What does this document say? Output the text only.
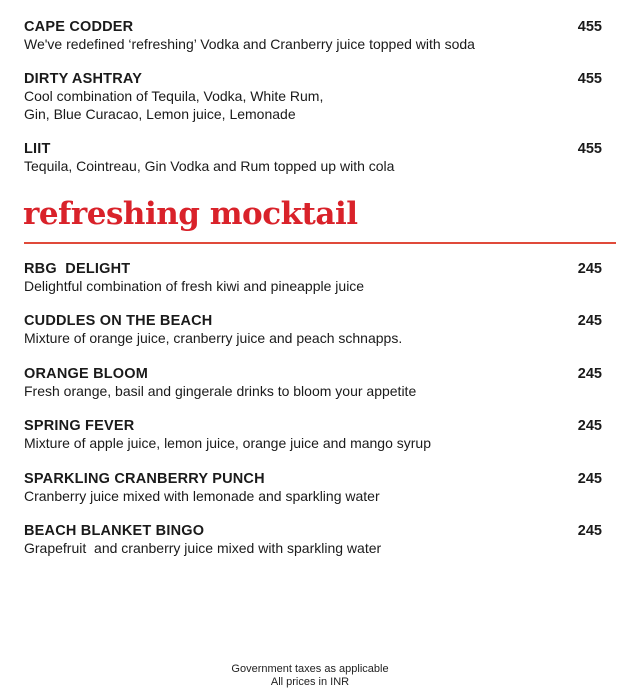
CAPE CODDER	455
We've redefined ‘refreshing’ Vodka and Cranberry juice topped with soda
DIRTY ASHTRAY	455
Cool combination of Tequila, Vodka, White Rum,
Gin, Blue Curacao, Lemon juice, Lemonade
LIIT	455
Tequila, Cointreau, Gin Vodka and Rum topped up with cola
refreshing mocktail
RBG  DELIGHT	245
Delightful combination of fresh kiwi and pineapple juice
CUDDLES ON THE BEACH	245
Mixture of orange juice, cranberry juice and peach schnapps.
ORANGE BLOOM	245
Fresh orange, basil and gingerale drinks to bloom your appetite
SPRING FEVER	245
Mixture of apple juice, lemon juice, orange juice and mango syrup
SPARKLING CRANBERRY PUNCH	245
Cranberry juice mixed with lemonade and sparkling water
BEACH BLANKET BINGO	245
Grapefruit  and cranberry juice mixed with sparkling water
Government taxes as applicable
All prices in INR
